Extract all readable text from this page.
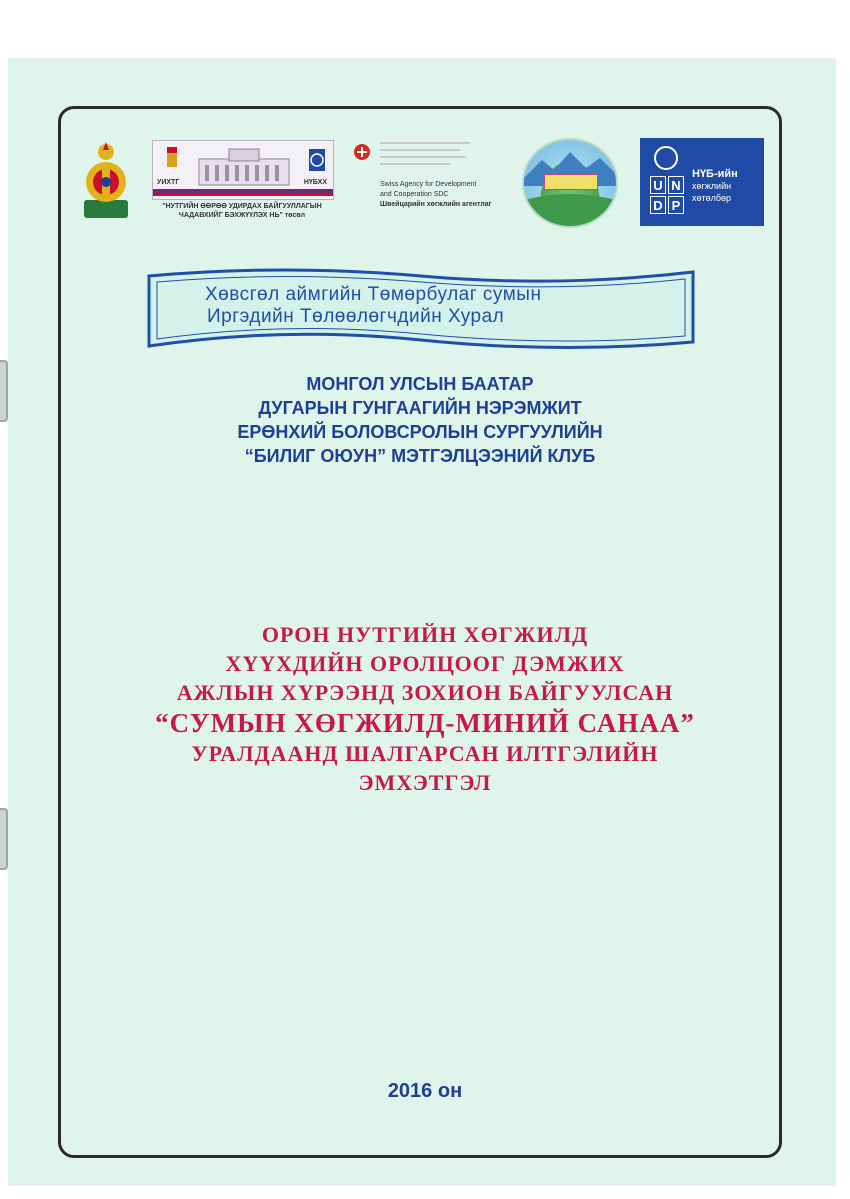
УИХТГ	НҮБХХ
"НУТГИЙН ӨӨРӨӨ УДИРДАХ БАЙГУУЛЛАГЫН
ЧАДАВХИЙГ БЭХЖҮҮЛЭХ НЬ" төсөл
Swiss Agency for Development
and Cooperation SDC
Швейцарийн хөгжлийн агентлаг
U N
D P
НҮБ-ийн
хөгжлийн хөтөлбөр
Хөвсгөл аймгийн Төмөрбулаг сумын
Иргэдийн Төлөөлөгчдийн Хурал
МОНГОЛ УЛСЫН БААТАР
ДУГАРЫН ГУНГААГИЙН НЭРЭМЖИТ
ЕРӨНХИЙ БОЛОВСРОЛЫН СУРГУУЛИЙН
“БИЛИГ ОЮУН” МЭТГЭЛЦЭЭНИЙ КЛУБ
ОРОН НУТГИЙН ХӨГЖИЛД
ХҮҮХДИЙН ОРОЛЦООГ ДЭМЖИХ
АЖЛЫН ХҮРЭЭНД ЗОХИОН БАЙГУУЛСАН
“СУМЫН ХӨГЖИЛД-МИНИЙ САНАА”
УРАЛДААНД ШАЛГАРСАН ИЛТГЭЛИЙН
ЭМХЭТГЭЛ
2016 он
